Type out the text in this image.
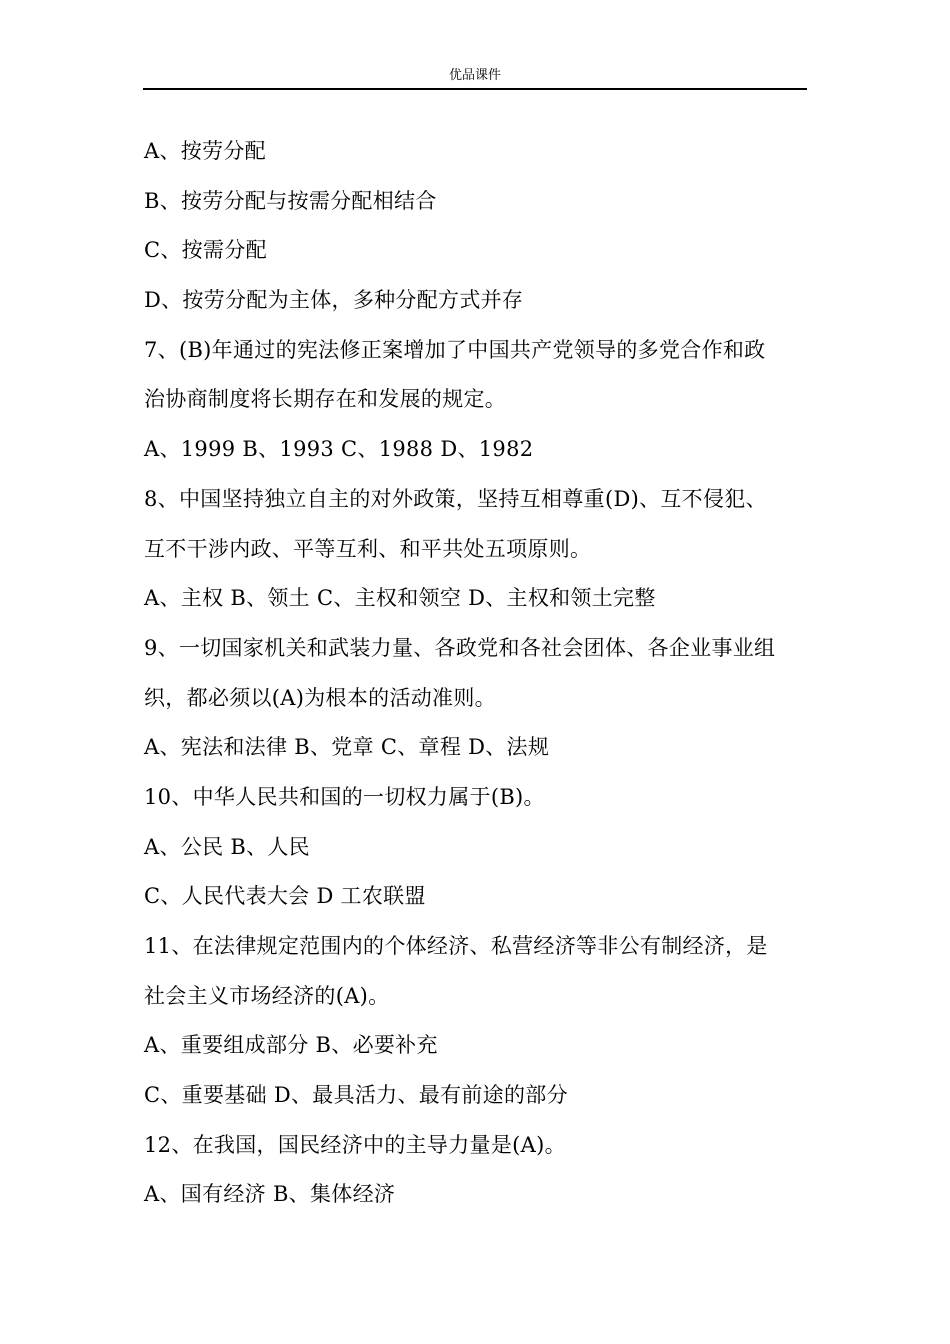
优品课件
A、按劳分配
B、按劳分配与按需分配相结合
C、按需分配
D、按劳分配为主体，多种分配方式并存
7、(B)年通过的宪法修正案增加了中国共产党领导的多党合作和政
治协商制度将长期存在和发展的规定。
A、1999 B、1993 C、1988 D、1982
8、中国坚持独立自主的对外政策，坚持互相尊重(D)、互不侵犯、
互不干涉内政、平等互利、和平共处五项原则。
A、主权 B、领土 C、主权和领空 D、主权和领土完整
9、一切国家机关和武装力量、各政党和各社会团体、各企业事业组
织，都必须以(A)为根本的活动准则。
A、宪法和法律 B、党章 C、章程 D、法规
10、中华人民共和国的一切权力属于(B)。
A、公民 B、人民
C、人民代表大会 D 工农联盟
11、在法律规定范围内的个体经济、私营经济等非公有制经济，是
社会主义市场经济的(A)。
A、重要组成部分 B、必要补充
C、重要基础 D、最具活力、最有前途的部分
12、在我国，国民经济中的主导力量是(A)。
A、国有经济 B、集体经济
